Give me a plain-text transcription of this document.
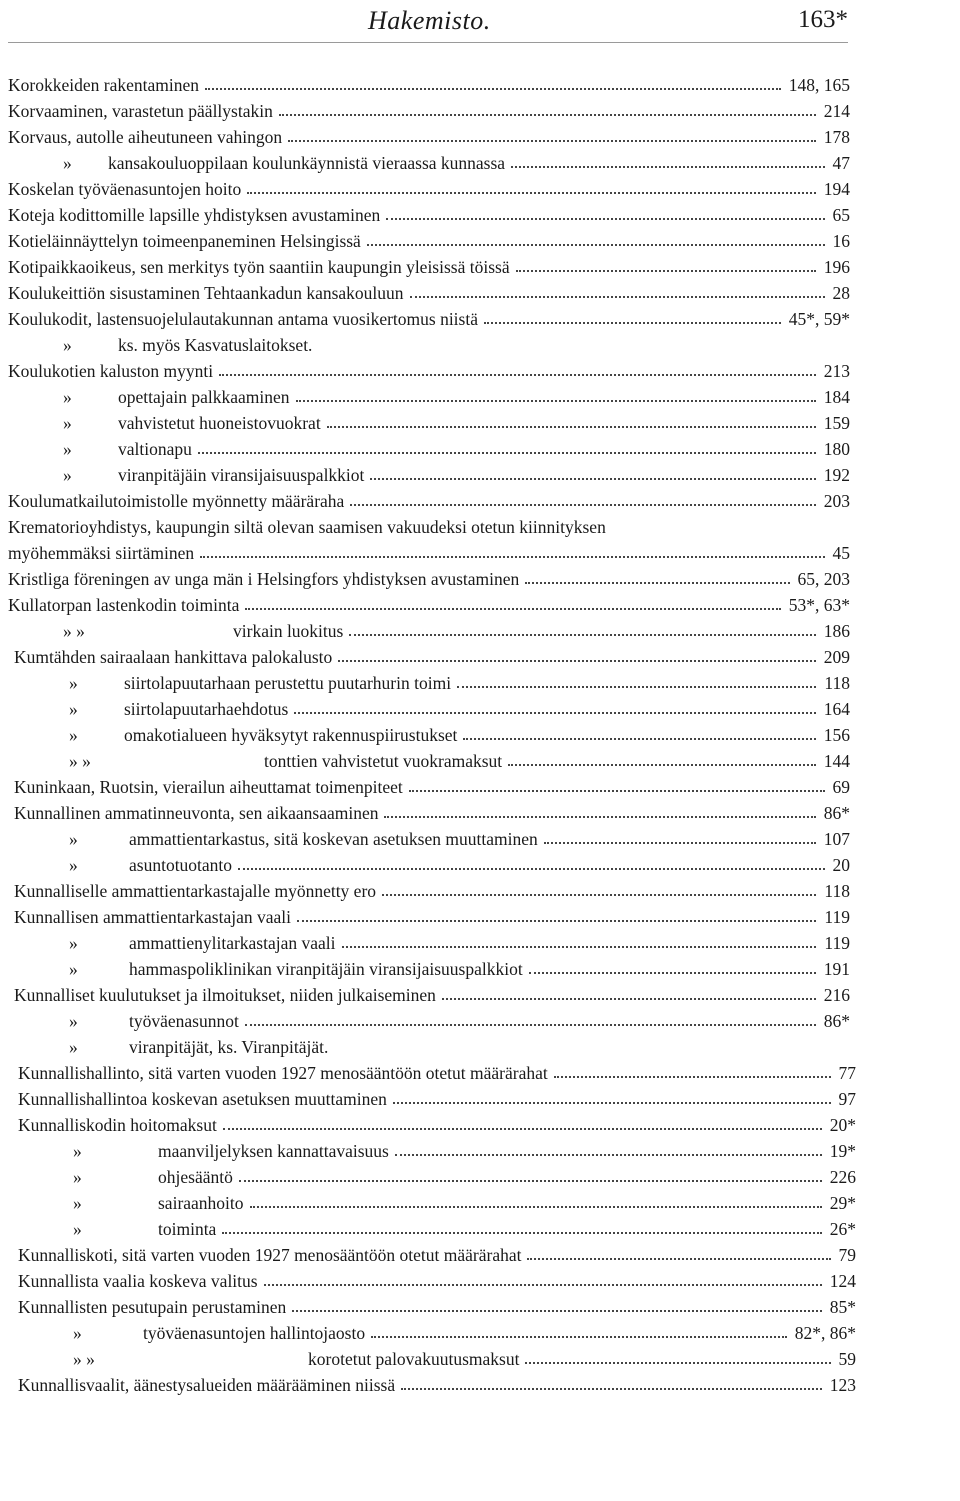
Hakemisto.	163*
Korokkeiden rakentaminen	148, 165
Korvaaminen, varastetun päällystakin	214
Korvaus, autolle aiheutuneen vahingon	178
»	kansakouluoppilaan koulunkäynnistä vieraassa kunnassa	47
Koskelan työväenasuntojen hoito	194
Koteja kodittomille lapsille yhdistyksen avustaminen	65
Kotieläinnäyttelyn toimeenpaneminen Helsingissä	16
Kotipaikkaoikeus, sen merkitys työn saantiin kaupungin yleisissä töissä	196
Koulukeittiön sisustaminen Tehtaankadun kansakouluun	28
Koulukodit, lastensuojelulautakunnan antama vuosikertomus niistä	45*, 59*
»	ks. myös Kasvatuslaitokset.
Koulukotien kaluston myynti	213
»	opettajain palkkaaminen	184
»	vahvistetut huoneistovuokrat	159
»	valtionapu	180
»	viranpitäjäin viransijaisuuspalkkiot	192
Koulumatkailutoimistolle myönnetty määräraha	203
Krematorioyhdistys, kaupungin siltä olevan saamisen vakuudeksi otetun kiinnityksen
myöhemmäksi siirtäminen	45
Kristliga föreningen av unga män i Helsingfors yhdistyksen avustaminen	65, 203
Kullatorpan lastenkodin toiminta	53*, 63*
» »	virkain luokitus	186
Kumtähden sairaalaan hankittava palokalusto	209
»	siirtolapuutarhaan perustettu puutarhurin toimi	118
»	siirtolapuutarhaehdotus	164
»	omakotialueen hyväksytyt rakennuspiirustukset	156
» »	tonttien vahvistetut vuokramaksut	144
Kuninkaan, Ruotsin, vierailun aiheuttamat toimenpiteet	69
Kunnallinen ammatinneuvonta, sen aikaansaaminen	86*
»	ammattientarkastus, sitä koskevan asetuksen muuttaminen	107
»	asuntotuotanto	20
Kunnalliselle ammattientarkastajalle myönnetty ero	118
Kunnallisen ammattientarkastajan vaali	119
»	ammattienylitarkastajan vaali	119
»	hammaspoliklinikan viranpitäjäin viransijaisuuspalkkiot	191
Kunnalliset kuulutukset ja ilmoitukset, niiden julkaiseminen	216
»	työväenasunnot	86*
»	viranpitäjät, ks. Viranpitäjät.
Kunnallishallinto, sitä varten vuoden 1927 menosääntöön otetut määrärahat	77
Kunnallishallintoa koskevan asetuksen muuttaminen	97
Kunnalliskodin hoitomaksut	20*
»	maanviljelyksen kannattavaisuus	19*
»	ohjesääntö	226
»	sairaanhoito	29*
»	toiminta	26*
Kunnalliskoti, sitä varten vuoden 1927 menosääntöön otetut määrärahat	79
Kunnallista vaalia koskeva valitus	124
Kunnallisten pesutupain perustaminen	85*
»	työväenasuntojen hallintojaosto	82*, 86*
» »	korotetut palovakuutusmaksut	59
Kunnallisvaalit, äänestysalueiden määrääminen niissä	123
